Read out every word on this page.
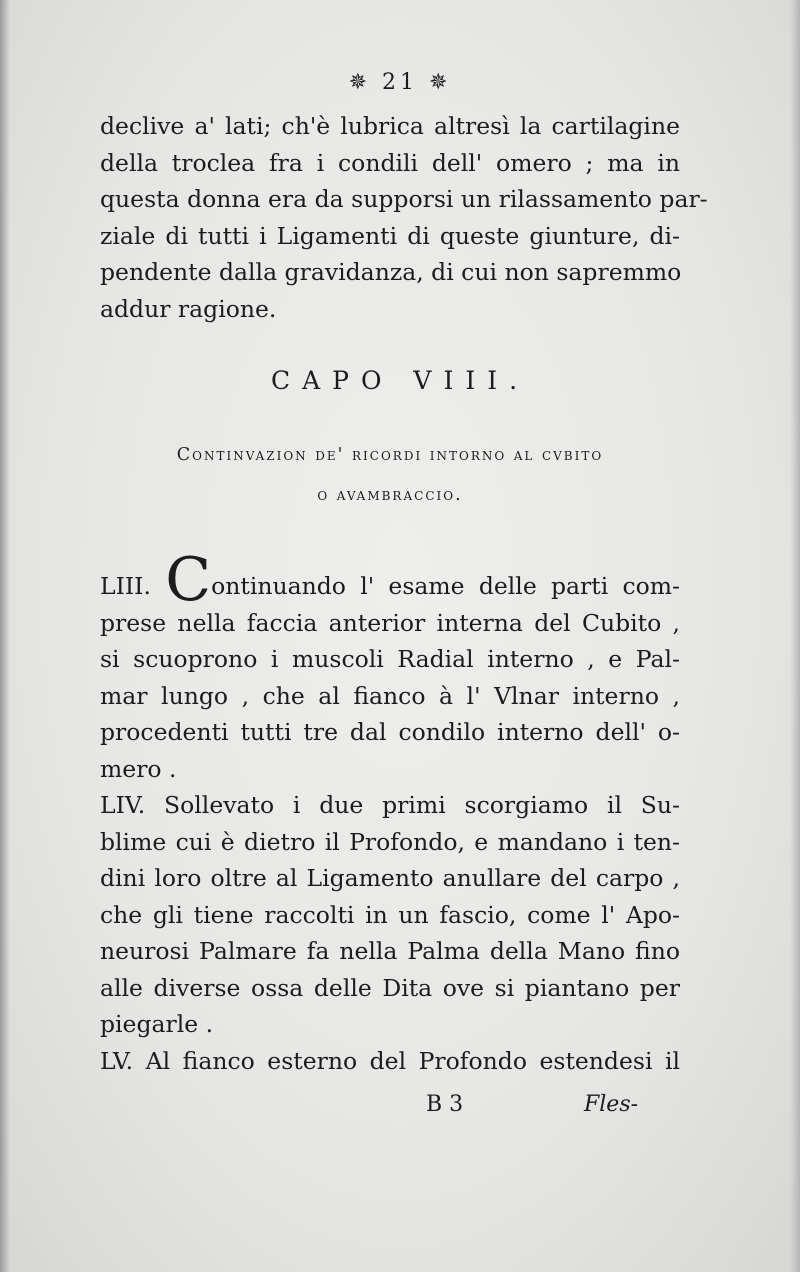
✵ 21 ✵
declive a' lati; ch'è lubrica altresì la cartilagine
della troclea fra i condili dell' omero ; ma in
questa donna era da supporsi un rilassamento par-
ziale di tutti i Ligamenti di queste giunture, di-
pendente dalla gravidanza, di cui non sapremmo
addur ragione.
CAPO VIII.
Continvazion de' ricordi intorno al cvbito
o avambraccio.
LIII. Continuando l' esame delle parti com-
prese nella faccia anterior interna del Cubito ,
si scuoprono i muscoli Radial interno , e Pal-
mar lungo , che al fianco à l' Vlnar interno ,
procedenti tutti tre dal condilo interno dell' o-
mero .
LIV. Sollevato i due primi scorgiamo il Su-
blime cui è dietro il Profondo, e mandano i ten-
dini loro oltre al Ligamento anullare del carpo ,
che gli tiene raccolti in un fascio, come l' Apo-
neurosi Palmare fa nella Palma della Mano fino
alle diverse ossa delle Dita ove si piantano per
piegarle .
LV. Al fianco esterno del Profondo estendesi il
B 3	Fles-
